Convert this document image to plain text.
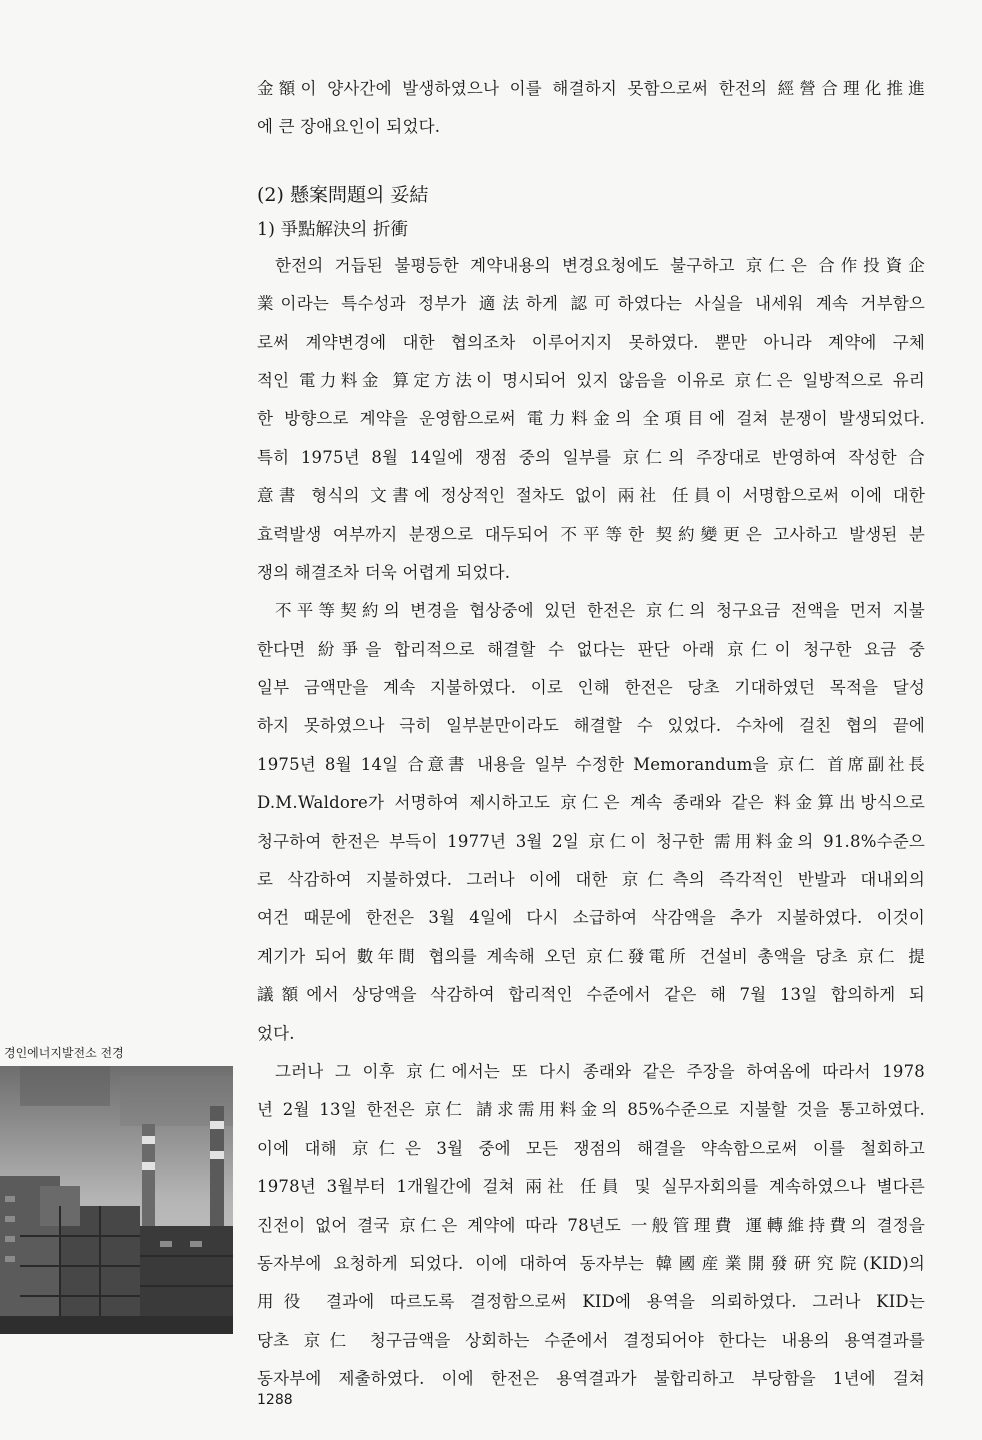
金額이 양사간에 발생하였으나 이를 해결하지 못함으로써 한전의 經營合理化推進
에 큰 장애요인이 되었다.
(2) 懸案問題의 妥結
1) 爭點解決의 折衝
한전의 거듭된 불평등한 계약내용의 변경요청에도 불구하고 京仁은 合作投資企
業이라는 특수성과 정부가 適法하게 認可하였다는 사실을 내세워 계속 거부함으
로써 계약변경에 대한 협의조차 이루어지지 못하였다. 뿐만 아니라 계약에 구체
적인 電力料金 算定方法이 명시되어 있지 않음을 이유로 京仁은 일방적으로 유리
한 방향으로 계약을 운영함으로써 電力料金의 全項目에 걸쳐 분쟁이 발생되었다.
특히 1975년 8월 14일에 쟁점 중의 일부를 京仁의 주장대로 반영하여 작성한 合
意書 형식의 文書에 정상적인 절차도 없이 兩社 任員이 서명함으로써 이에 대한
효력발생 여부까지 분쟁으로 대두되어 不平等한 契約變更은 고사하고 발생된 분
쟁의 해결조차 더욱 어렵게 되었다.
不平等契約의 변경을 협상중에 있던 한전은 京仁의 청구요금 전액을 먼저 지불
한다면 紛爭을 합리적으로 해결할 수 없다는 판단 아래 京仁이 청구한 요금 중
일부 금액만을 계속 지불하였다. 이로 인해 한전은 당초 기대하였던 목적을 달성
하지 못하였으나 극히 일부분만이라도 해결할 수 있었다. 수차에 걸친 협의 끝에
1975년 8월 14일 合意書 내용을 일부 수정한 Memorandum을 京仁 首席副社長
D.M.Waldore가 서명하여 제시하고도 京仁은 계속 종래와 같은 料金算出방식으로
청구하여 한전은 부득이 1977년 3월 2일 京仁이 청구한 需用料金의 91.8%수준으
로 삭감하여 지불하였다. 그러나 이에 대한 京仁측의 즉각적인 반발과 대내외의
여건 때문에 한전은 3월 4일에 다시 소급하여 삭감액을 추가 지불하였다. 이것이
계기가 되어 數年間 협의를 계속해 오던 京仁發電所 건설비 총액을 당초 京仁 提
議額에서 상당액을 삭감하여 합리적인 수준에서 같은 해 7월 13일 합의하게 되
었다.
그러나 그 이후 京仁에서는 또 다시 종래와 같은 주장을 하여옴에 따라서 1978
년 2월 13일 한전은 京仁 請求需用料金의 85%수준으로 지불할 것을 통고하였다.
이에 대해 京仁은 3월 중에 모든 쟁점의 해결을 약속함으로써 이를 철회하고
1978년 3월부터 1개월간에 걸쳐 兩社 任員 및 실무자회의를 계속하였으나 별다른
진전이 없어 결국 京仁은 계약에 따라 78년도 一般管理費 運轉維持費의 결정을
동자부에 요청하게 되었다. 이에 대하여 동자부는 韓國産業開發硏究院(KID)의
用役 결과에 따르도록 결정함으로써 KID에 용역을 의뢰하였다. 그러나 KID는
당초 京仁 청구금액을 상회하는 수준에서 결정되어야 한다는 내용의 용역결과를
동자부에 제출하였다. 이에 한전은 용역결과가 불합리하고 부당함을 1년에 걸쳐
경인에너지발전소 전경
1288
